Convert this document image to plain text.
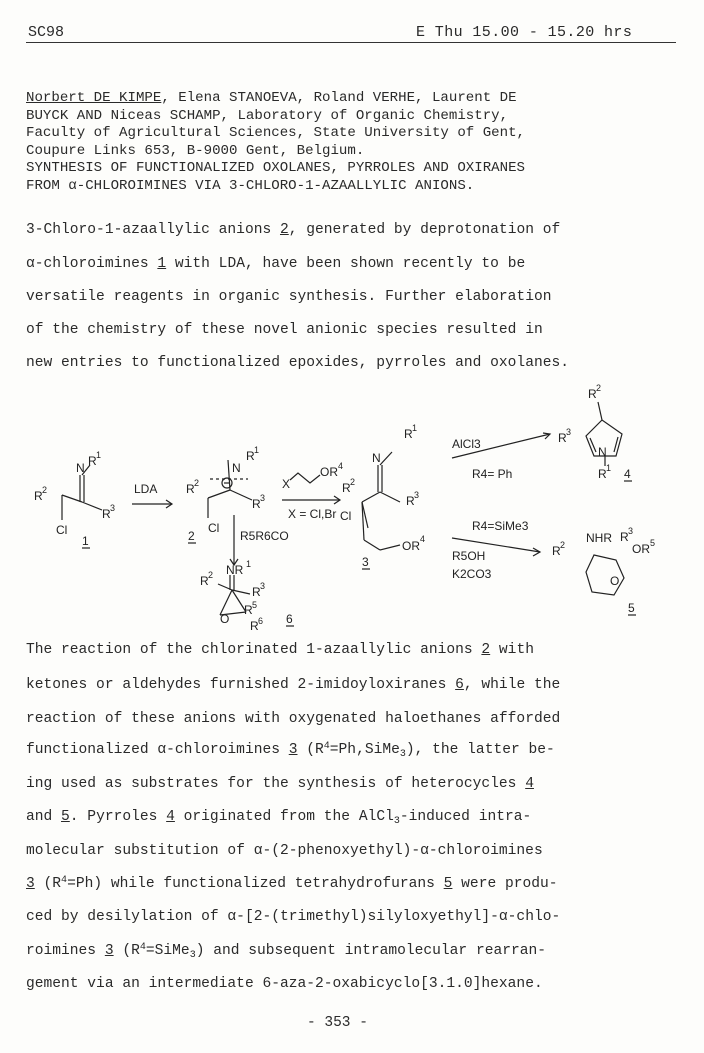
SC98	E Thu 15.00 - 15.20 hrs
Norbert DE KIMPE, Elena STANOEVA, Roland VERHE, Laurent DE
BUYCK AND Niceas SCHAMP, Laboratory of Organic Chemistry,
Faculty of Agricultural Sciences, State University of Gent,
Coupure Links 653, B-9000 Gent, Belgium.
SYNTHESIS OF FUNCTIONALIZED OXOLANES, PYRROLES AND OXIRANES
FROM α-CHLOROIMINES VIA 3-CHLORO-1-AZAALLYLIC ANIONS.
3-Chloro-1-azaallylic anions 2, generated by deprotonation of
α-chloroimines 1 with LDA, have been shown recently to be
versatile reagents in organic synthesis. Further elaboration
of the chemistry of these novel anionic species resulted in
new entries to functionalized epoxides, pyrroles and oxolanes.
N R 1
R 2
R 3
Cl
1
LDA
N
R 1
R 2
R 3
Cl
2
X
OR 4
X = Cl,Br
R5R6CO
NR 1
R 2
R 3
O
R 5
R 6 6
N
R 1
R 2
R 3
Cl
OR 4
3
AlCl3
R4= Ph
R 2
R 3
N
R 1 4
R4=SiMe3
R5OH
K2CO3
NHR R 3
R 2	OR 5
O
5
The reaction of the chlorinated 1-azaallylic anions 2 with
ketones or aldehydes furnished 2-imidoyloxiranes 6, while the
reaction of these anions with oxygenated haloethanes afforded
functionalized α-chloroimines 3 $(R^4=Ph,SiMe_3)$, the latter be-
ing used as substrates for the synthesis of heterocycles 4
and 5. Pyrroles 4 originated from the AlCl$_3$-induced intra-
molecular substitution of α-(2-phenoxyethyl)-α-chloroimines
3 $(R^4=Ph)$ while functionalized tetrahydrofurans 5 were produ-
ced by desilylation of α-[2-(trimethyl)silyloxyethyl]-α-chlo-
roimines 3 $(R^4=SiMe_3)$ and subsequent intramolecular rearran-
gement via an intermediate 6-aza-2-oxabicyclo[3.1.0]hexane.
- 353 -
